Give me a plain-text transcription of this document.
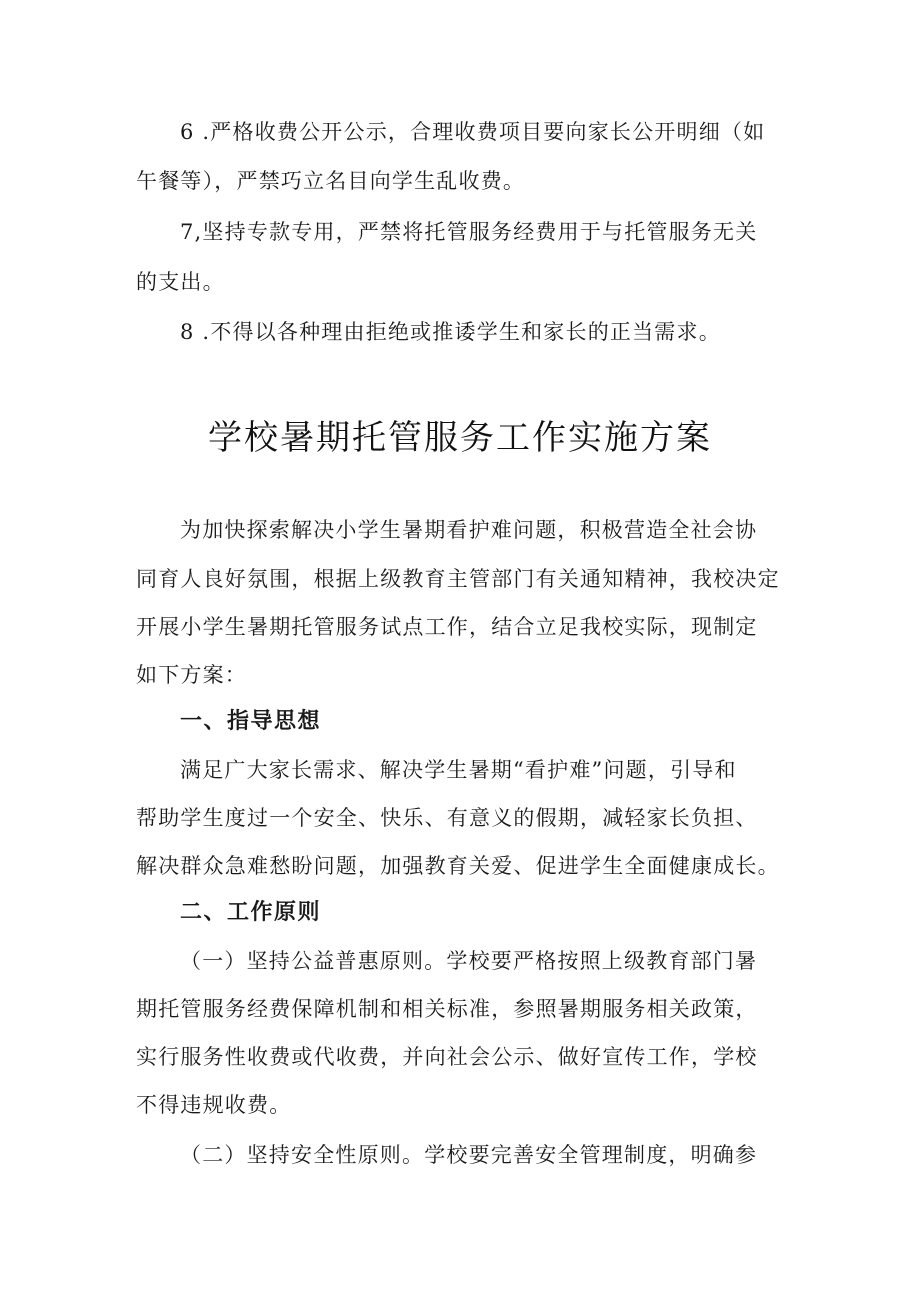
6 .严格收费公开公示，合理收费项目要向家长公开明细（如
午餐等），严禁巧立名目向学生乱收费。
7,坚持专款专用，严禁将托管服务经费用于与托管服务无关
的支出。
8 .不得以各种理由拒绝或推诿学生和家长的正当需求。
学校暑期托管服务工作实施方案
为加快探索解决小学生暑期看护难问题，积极营造全社会协
同育人良好氛围，根据上级教育主管部门有关通知精神，我校决定
开展小学生暑期托管服务试点工作，结合立足我校实际，现制定
如下方案：
一、指导思想
满足广大家长需求、解决学生暑期“看护难”问题，引导和
帮助学生度过一个安全、快乐、有意义的假期，减轻家长负担、
解决群众急难愁盼问题，加强教育关爱、促进学生全面健康成长。
二、工作原则
（一）坚持公益普惠原则。学校要严格按照上级教育部门暑
期托管服务经费保障机制和相关标准，参照暑期服务相关政策，
实行服务性收费或代收费，并向社会公示、做好宣传工作，学校
不得违规收费。
（二）坚持安全性原则。学校要完善安全管理制度，明确参
